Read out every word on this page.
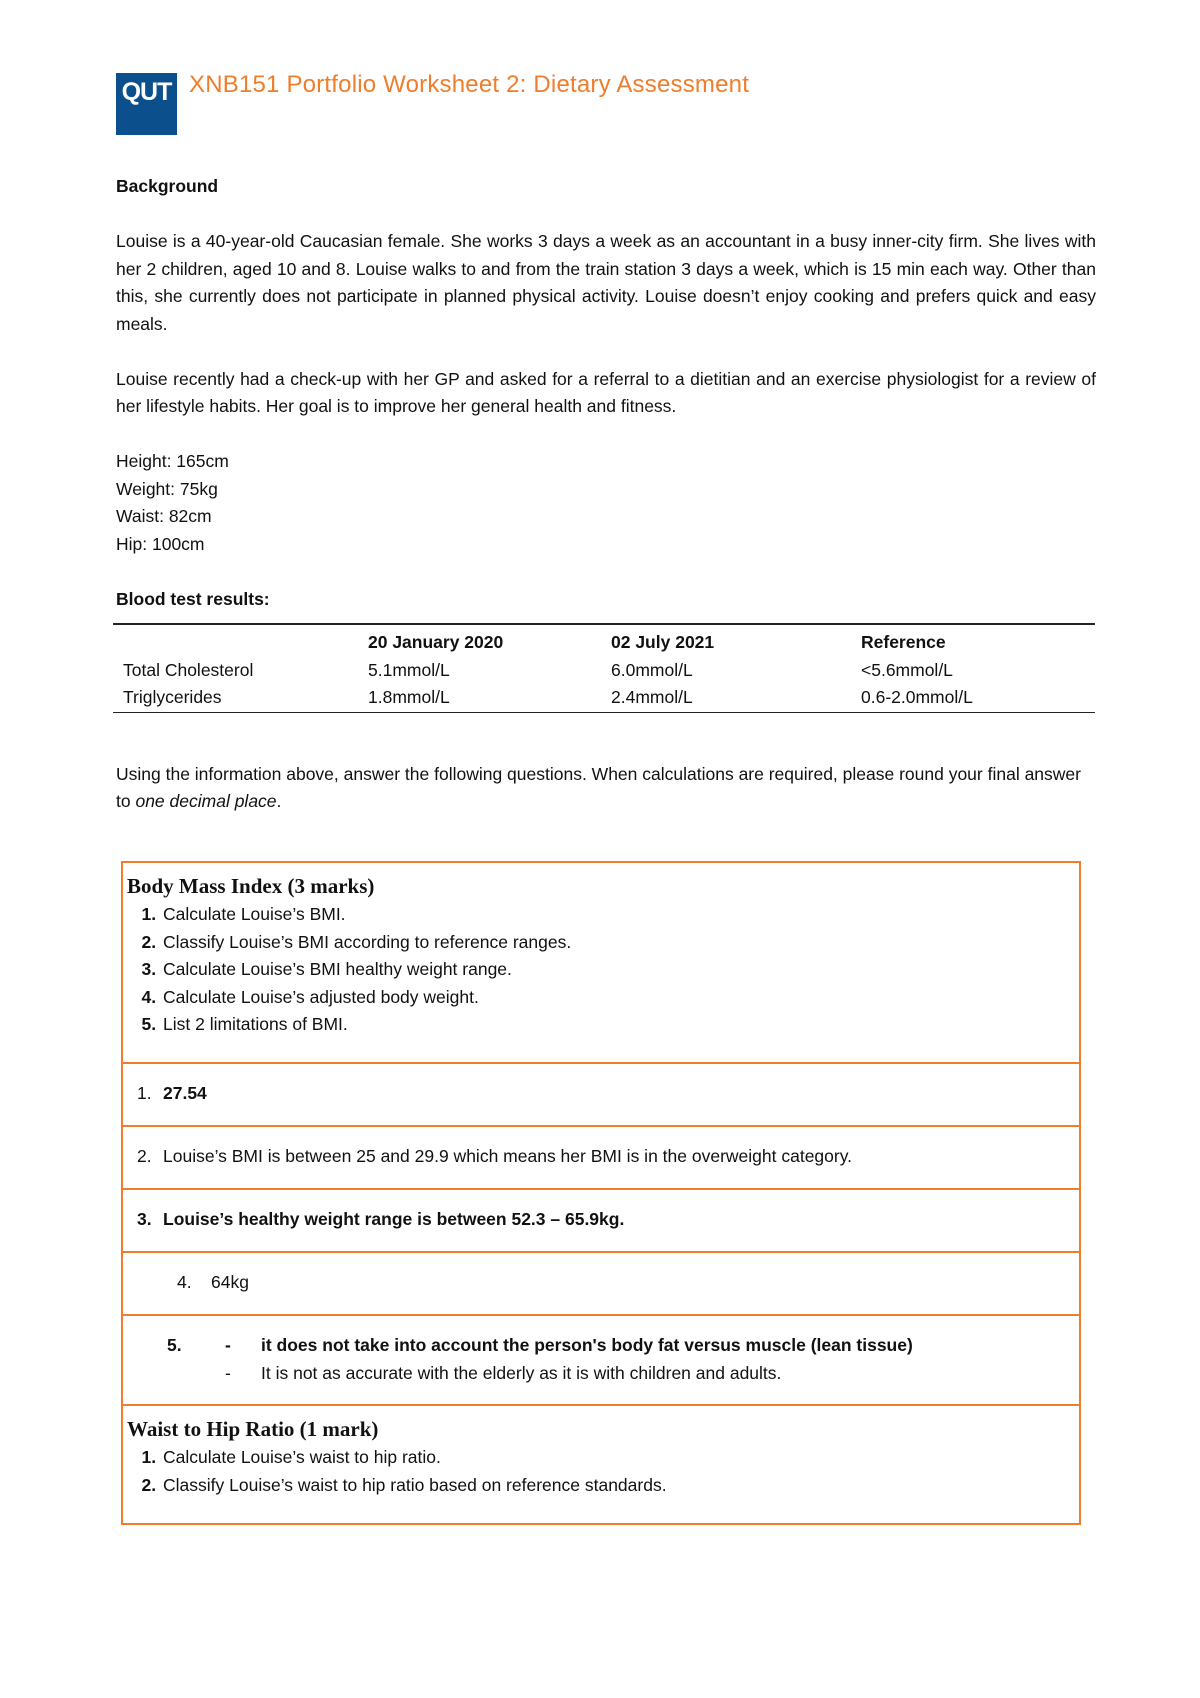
QUT XNB151 Portfolio Worksheet 2: Dietary Assessment

Background

Louise is a 40-year-old Caucasian female. She works 3 days a week as an accountant in a busy inner-city firm. She lives with her 2 children, aged 10 and 8. Louise walks to and from the train station 3 days a week, which is 15 min each way. Other than this, she currently does not participate in planned physical activity. Louise doesn’t enjoy cooking and prefers quick and easy meals.

Louise recently had a check-up with her GP and asked for a referral to a dietitian and an exercise physiologist for a review of her lifestyle habits. Her goal is to improve her general health and fitness.

Height: 165cm
Weight: 75kg
Waist: 82cm
Hip: 100cm

Blood test results:

	20 January 2020	02 July 2021	Reference
Total Cholesterol	5.1mmol/L	6.0mmol/L	<5.6mmol/L
Triglycerides	1.8mmol/L	2.4mmol/L	0.6-2.0mmol/L

Using the information above, answer the following questions. When calculations are required, please round your final answer to one decimal place.

Body Mass Index (3 marks)
1. Calculate Louise’s BMI.
2. Classify Louise’s BMI according to reference ranges.
3. Calculate Louise’s BMI healthy weight range.
4. Calculate Louise’s adjusted body weight.
5. List 2 limitations of BMI.
1. 27.54
2. Louise’s BMI is between 25 and 29.9 which means her BMI is in the overweight category.
3. Louise’s healthy weight range is between 52.3 – 65.9kg.
4. 64kg
5.	-	it does not take into account the person's body fat versus muscle (lean tissue)
-	It is not as accurate with the elderly as it is with children and adults.
Waist to Hip Ratio (1 mark)
1. Calculate Louise’s waist to hip ratio.
2. Classify Louise’s waist to hip ratio based on reference standards.
